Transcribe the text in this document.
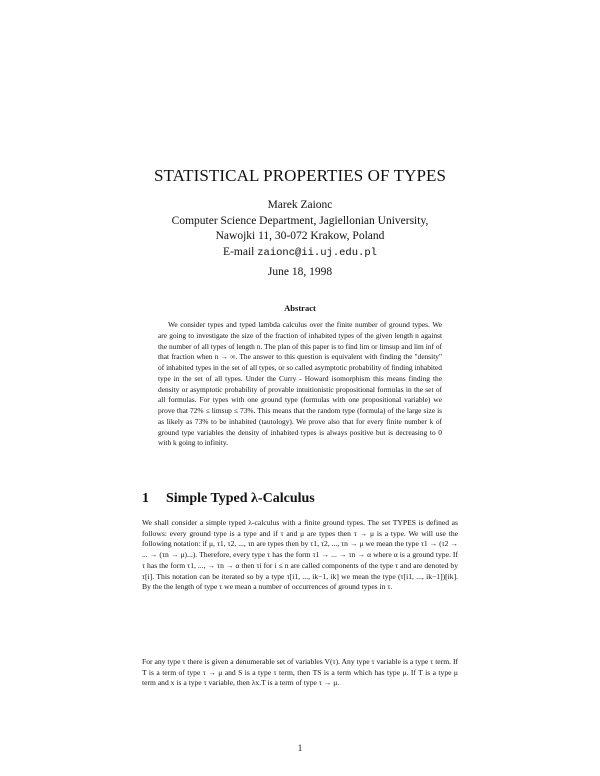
STATISTICAL PROPERTIES OF TYPES
Marek Zaionc
Computer Science Department, Jagiellonian University,
Nawojki 11, 30-072 Krakow, Poland
E-mail zaionc@ii.uj.edu.pl
June 18, 1998
Abstract
We consider types and typed lambda calculus over the finite number of ground types. We are going to investigate the size of the fraction of inhabited types of the given length n against the number of all types of length n. The plan of this paper is to find lim or limsup and lim inf of that fraction when n → ∞. The answer to this question is equivalent with finding the "density" of inhabited types in the set of all types, or so called asymptotic probability of finding inhabited type in the set of all types. Under the Curry - Howard isomorphism this means finding the density or asymptotic probability of provable intuitionistic propositional formulas in the set of all formulas. For types with one ground type (formulas with one propositional variable) we prove that 72% ≤ limsup ≤ 73%. This means that the random type (formula) of the large size is as likely as 73% to be inhabited (tautology). We prove also that for every finite number k of ground type variables the density of inhabited types is always positive but is decreasing to 0 with k going to infinity.
1 Simple Typed λ-Calculus
We shall consider a simple typed λ-calculus with a finite ground types. The set TYPES is defined as follows: every ground type is a type and if τ and μ are types then τ → μ is a type. We will use the following notation: if μ, τ1, τ2, ..., τn are types then by τ1, τ2, ..., τn → μ we mean the type τ1 → (τ2 → ... → (τn → μ)...). Therefore, every type τ has the form τ1 → ... → τn → α where α is a ground type. If τ has the form τ1, ..., → τn → α then τi for i ≤ n are called components of the type τ and are denoted by τ[i]. This notation can be iterated so by a type τ[i1, ..., ik−1, ik] we mean the type (τ[i1, ..., ik−1])[ik]. By the the length of type τ we mean a number of occurrences of ground types in τ.
For any type τ there is given a denumerable set of variables V(τ). Any type τ variable is a type τ term. If T is a term of type τ → μ and S is a type τ term, then TS is a term which has type μ. If T is a type μ term and x is a type τ variable, then λx.T is a term of type τ → μ.
1
